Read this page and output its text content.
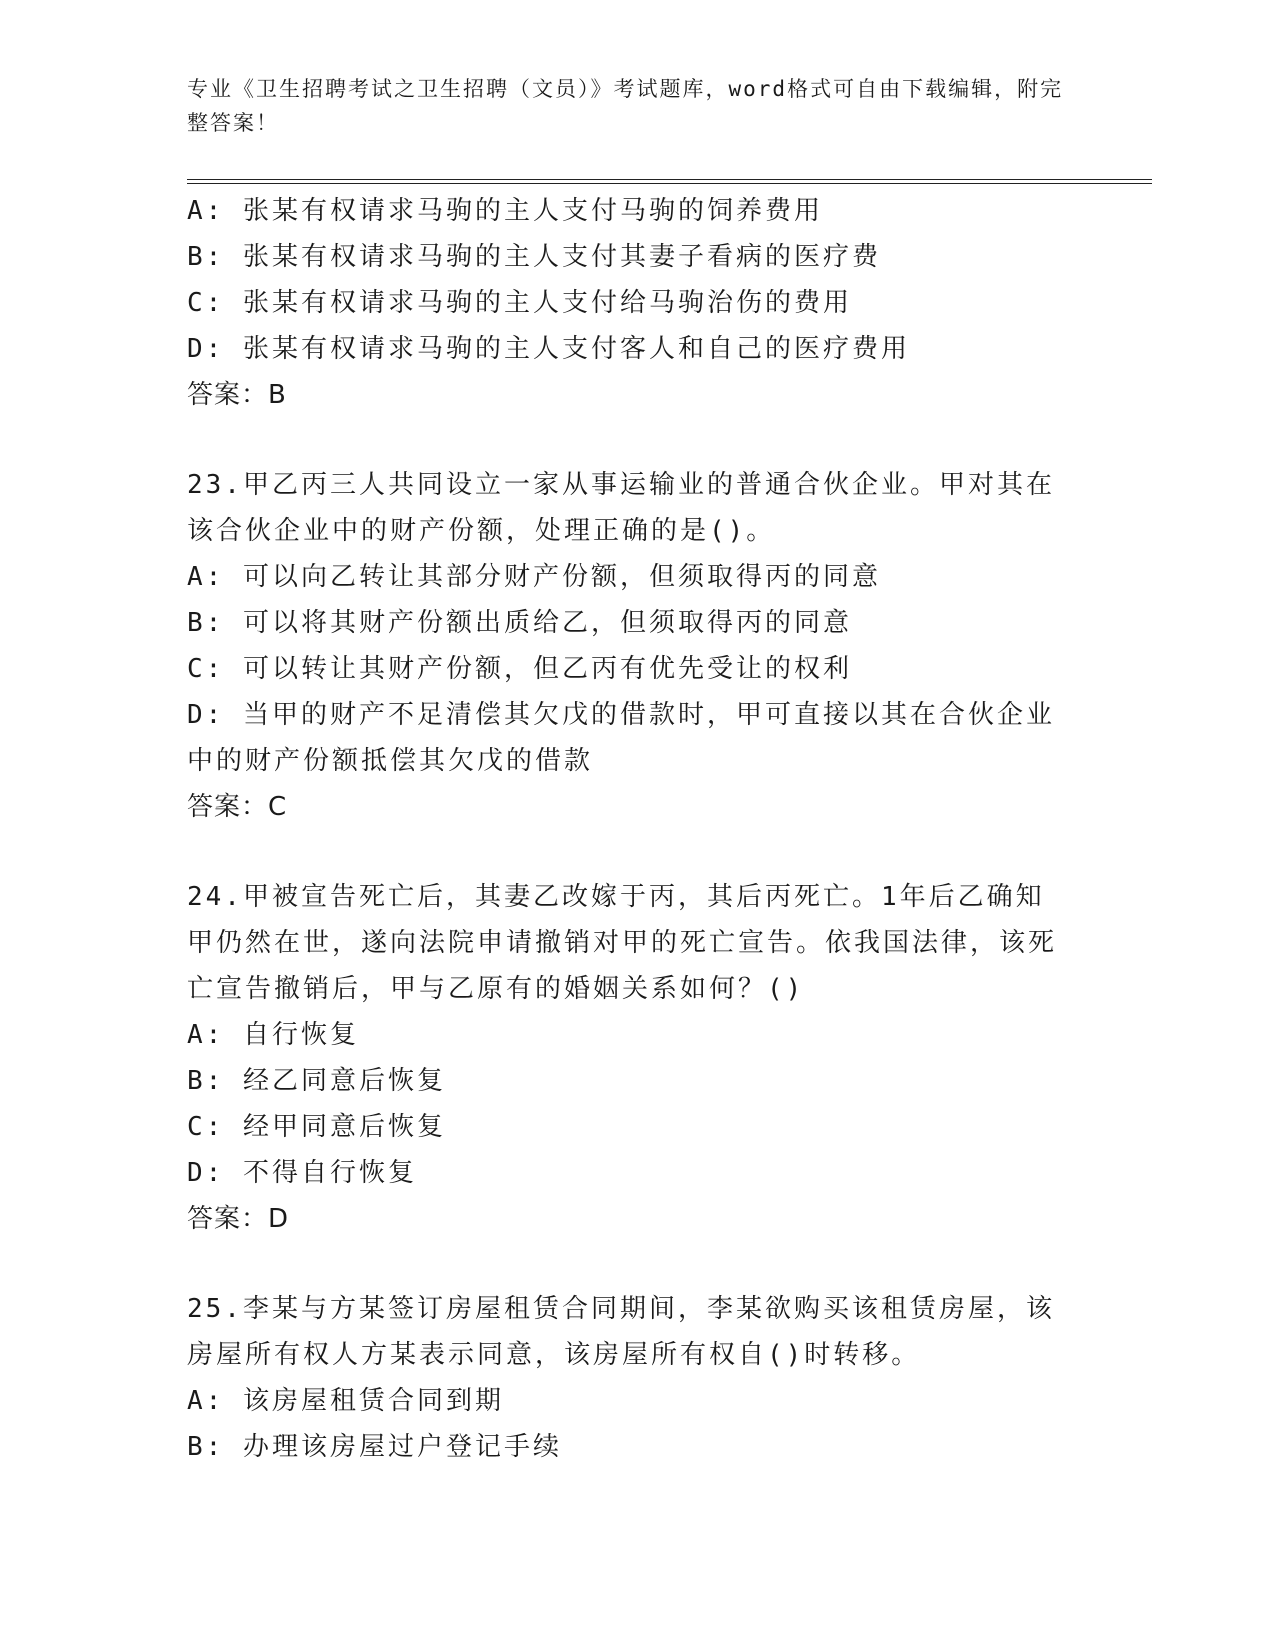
专业《卫生招聘考试之卫生招聘（文员）》考试题库，word格式可自由下载编辑，附完整答案！
A: 张某有权请求马驹的主人支付马驹的饲养费用
B: 张某有权请求马驹的主人支付其妻子看病的医疗费
C: 张某有权请求马驹的主人支付给马驹治伤的费用
D: 张某有权请求马驹的主人支付客人和自己的医疗费用
答案：B
23.甲乙丙三人共同设立一家从事运输业的普通合伙企业。甲对其在该合伙企业中的财产份额，处理正确的是()。
A: 可以向乙转让其部分财产份额，但须取得丙的同意
B: 可以将其财产份额出质给乙，但须取得丙的同意
C: 可以转让其财产份额，但乙丙有优先受让的权利
D: 当甲的财产不足清偿其欠戊的借款时，甲可直接以其在合伙企业中的财产份额抵偿其欠戊的借款
答案：C
24.甲被宣告死亡后，其妻乙改嫁于丙，其后丙死亡。1年后乙确知甲仍然在世，遂向法院申请撤销对甲的死亡宣告。依我国法律，该死亡宣告撤销后，甲与乙原有的婚姻关系如何？()
A: 自行恢复
B: 经乙同意后恢复
C: 经甲同意后恢复
D: 不得自行恢复
答案：D
25.李某与方某签订房屋租赁合同期间，李某欲购买该租赁房屋，该房屋所有权人方某表示同意，该房屋所有权自()时转移。
A: 该房屋租赁合同到期
B: 办理该房屋过户登记手续
